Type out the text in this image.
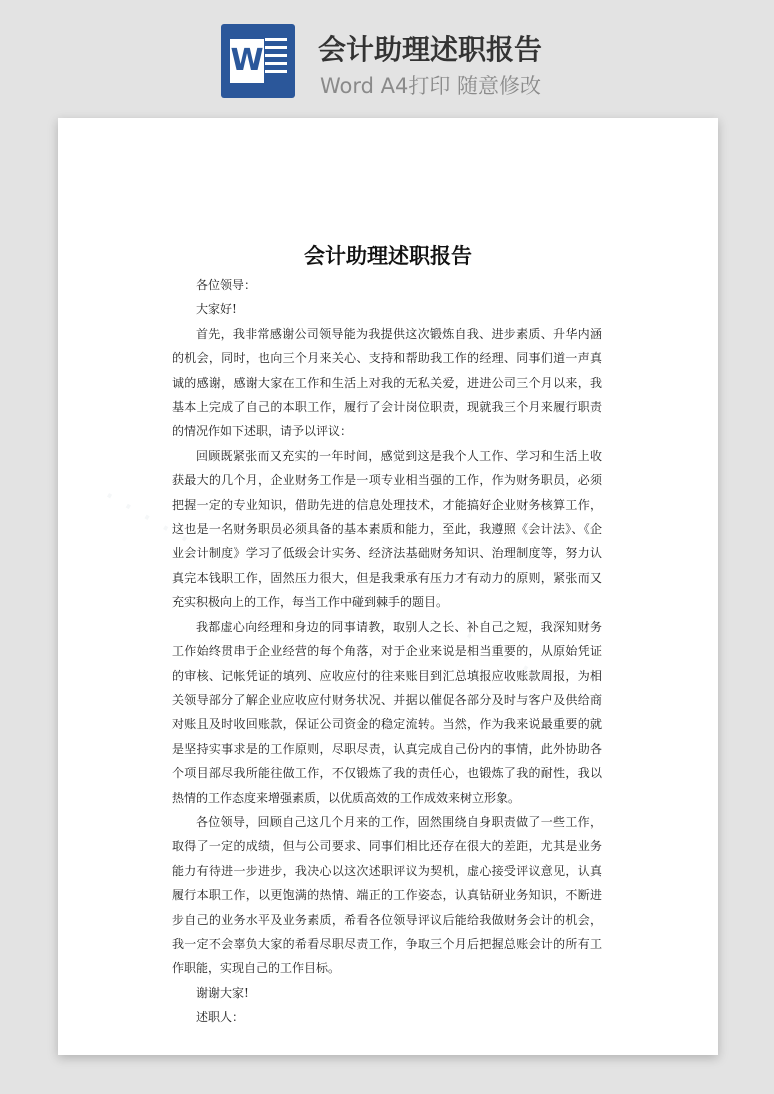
W 会计助理述职报告
Word A4打印 随意修改
· · · · ·
· · · · ·
会计助理述职报告

各位领导：

大家好!

首先，我非常感谢公司领导能为我提供这次锻炼自我、进步素质、升华内涵的机会，同时，也向三个月来关心、支持和帮助我工作的经理、同事们道一声真诚的感谢，感谢大家在工作和生活上对我的无私关爱，进进公司三个月以来，我基本上完成了自己的本职工作，履行了会计岗位职责，现就我三个月来履行职责的情况作如下述职，请予以评议：

回顾既紧张而又充实的一年时间，感觉到这是我个人工作、学习和生活上收获最大的几个月，企业财务工作是一项专业相当强的工作，作为财务职员，必须把握一定的专业知识，借助先进的信息处理技术，才能搞好企业财务核算工作，这也是一名财务职员必须具备的基本素质和能力，至此，我遵照《会计法》、《企业会计制度》学习了低级会计实务、经济法基础财务知识、治理制度等，努力认真完本钱职工作，固然压力很大，但是我秉承有压力才有动力的原则，紧张而又充实积极向上的工作，每当工作中碰到棘手的题目。

我都虚心向经理和身边的同事请教，取别人之长、补自己之短，我深知财务工作始终贯串于企业经营的每个角落，对于企业来说是相当重要的，从原始凭证的审核、记帐凭证的填列、应收应付的往来账目到汇总填报应收账款周报，为相关领导部分了解企业应收应付财务状况、并据以催促各部分及时与客户及供给商对账且及时收回账款，保证公司资金的稳定流转。当然，作为我来说最重要的就是坚持实事求是的工作原则，尽职尽责，认真完成自己份内的事情，此外协助各个项目部尽我所能往做工作，不仅锻炼了我的责任心，也锻炼了我的耐性，我以热情的工作态度来增强素质，以优质高效的工作成效来树立形象。

各位领导，回顾自己这几个月来的工作，固然围绕自身职责做了一些工作，取得了一定的成绩，但与公司要求、同事们相比还存在很大的差距，尤其是业务能力有待进一步进步，我决心以这次述职评议为契机，虚心接受评议意见，认真履行本职工作，以更饱满的热情、端正的工作姿态，认真钻研业务知识，不断进步自己的业务水平及业务素质，希看各位领导评议后能给我做财务会计的机会，我一定不会辜负大家的希看尽职尽责工作，争取三个月后把握总账会计的所有工作职能，实现自己的工作目标。

谢谢大家!

述职人：
